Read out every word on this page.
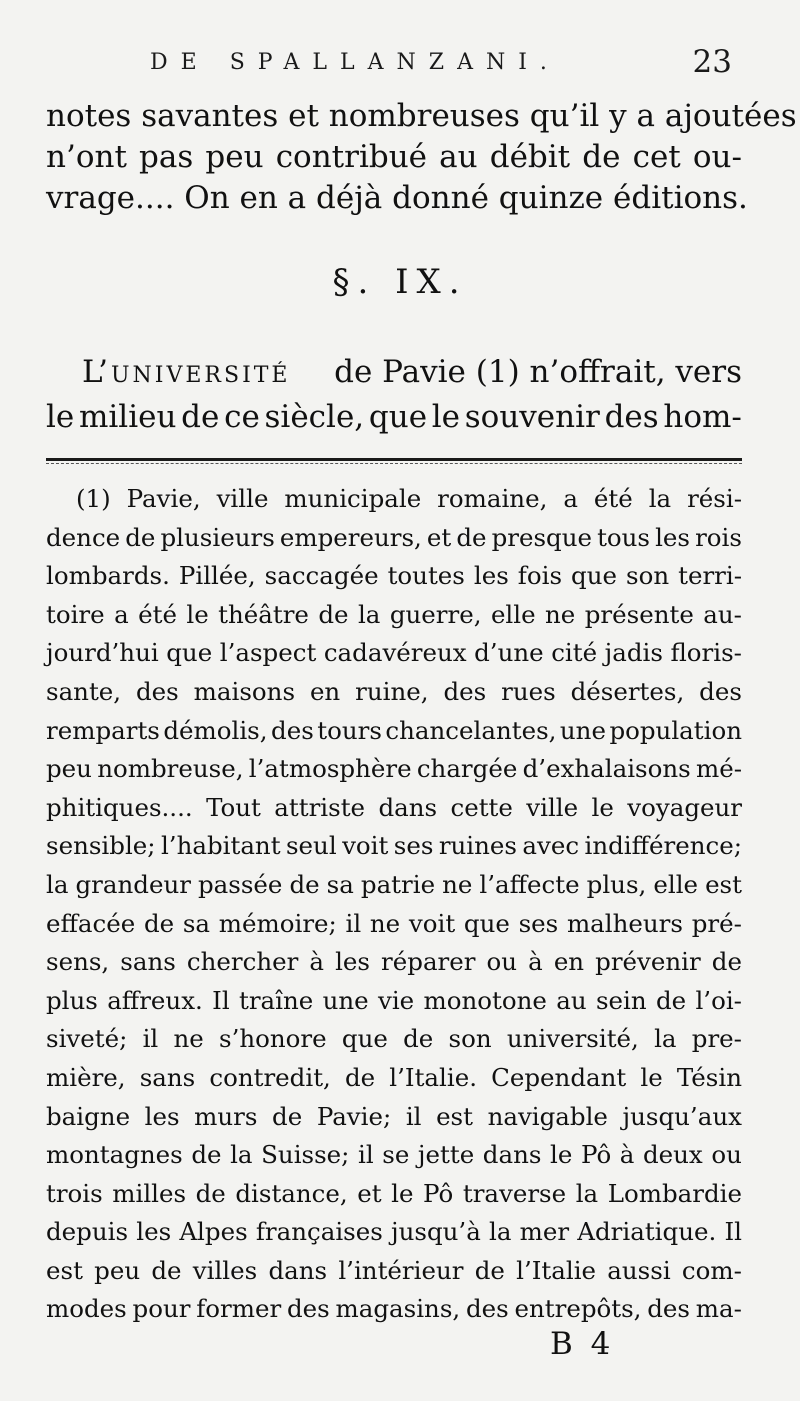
DE SPALLANZANI.	23
notes savantes et nombreuses qu’il y a ajoutées
n’ont pas peu contribué au débit de cet ou-
vrage.... On en a déjà donné quinze éditions.
§. IX.
L’université de Pavie (1) n’offrait, vers
le milieu de ce siècle, que le souvenir des hom-
(1) Pavie, ville municipale romaine, a été la rési-
dence de plusieurs empereurs, et de presque tous les rois
lombards. Pillée, saccagée toutes les fois que son terri-
toire a été le théâtre de la guerre, elle ne présente au-
jourd’hui que l’aspect cadavéreux d’une cité jadis floris-
sante, des maisons en ruine, des rues désertes, des
remparts démolis, des tours chancelantes, une population
peu nombreuse, l’atmosphère chargée d’exhalaisons mé-
phitiques.... Tout attriste dans cette ville le voyageur
sensible; l’habitant seul voit ses ruines avec indifférence;
la grandeur passée de sa patrie ne l’affecte plus, elle est
effacée de sa mémoire; il ne voit que ses malheurs pré-
sens, sans chercher à les réparer ou à en prévenir de
plus affreux. Il traîne une vie monotone au sein de l’oi-
siveté; il ne s’honore que de son université, la pre-
mière, sans contredit, de l’Italie. Cependant le Tésin
baigne les murs de Pavie; il est navigable jusqu’aux
montagnes de la Suisse; il se jette dans le Pô à deux ou
trois milles de distance, et le Pô traverse la Lombardie
depuis les Alpes françaises jusqu’à la mer Adriatique. Il
est peu de villes dans l’intérieur de l’Italie aussi com-
modes pour former des magasins, des entrepôts, des ma-
B 4
